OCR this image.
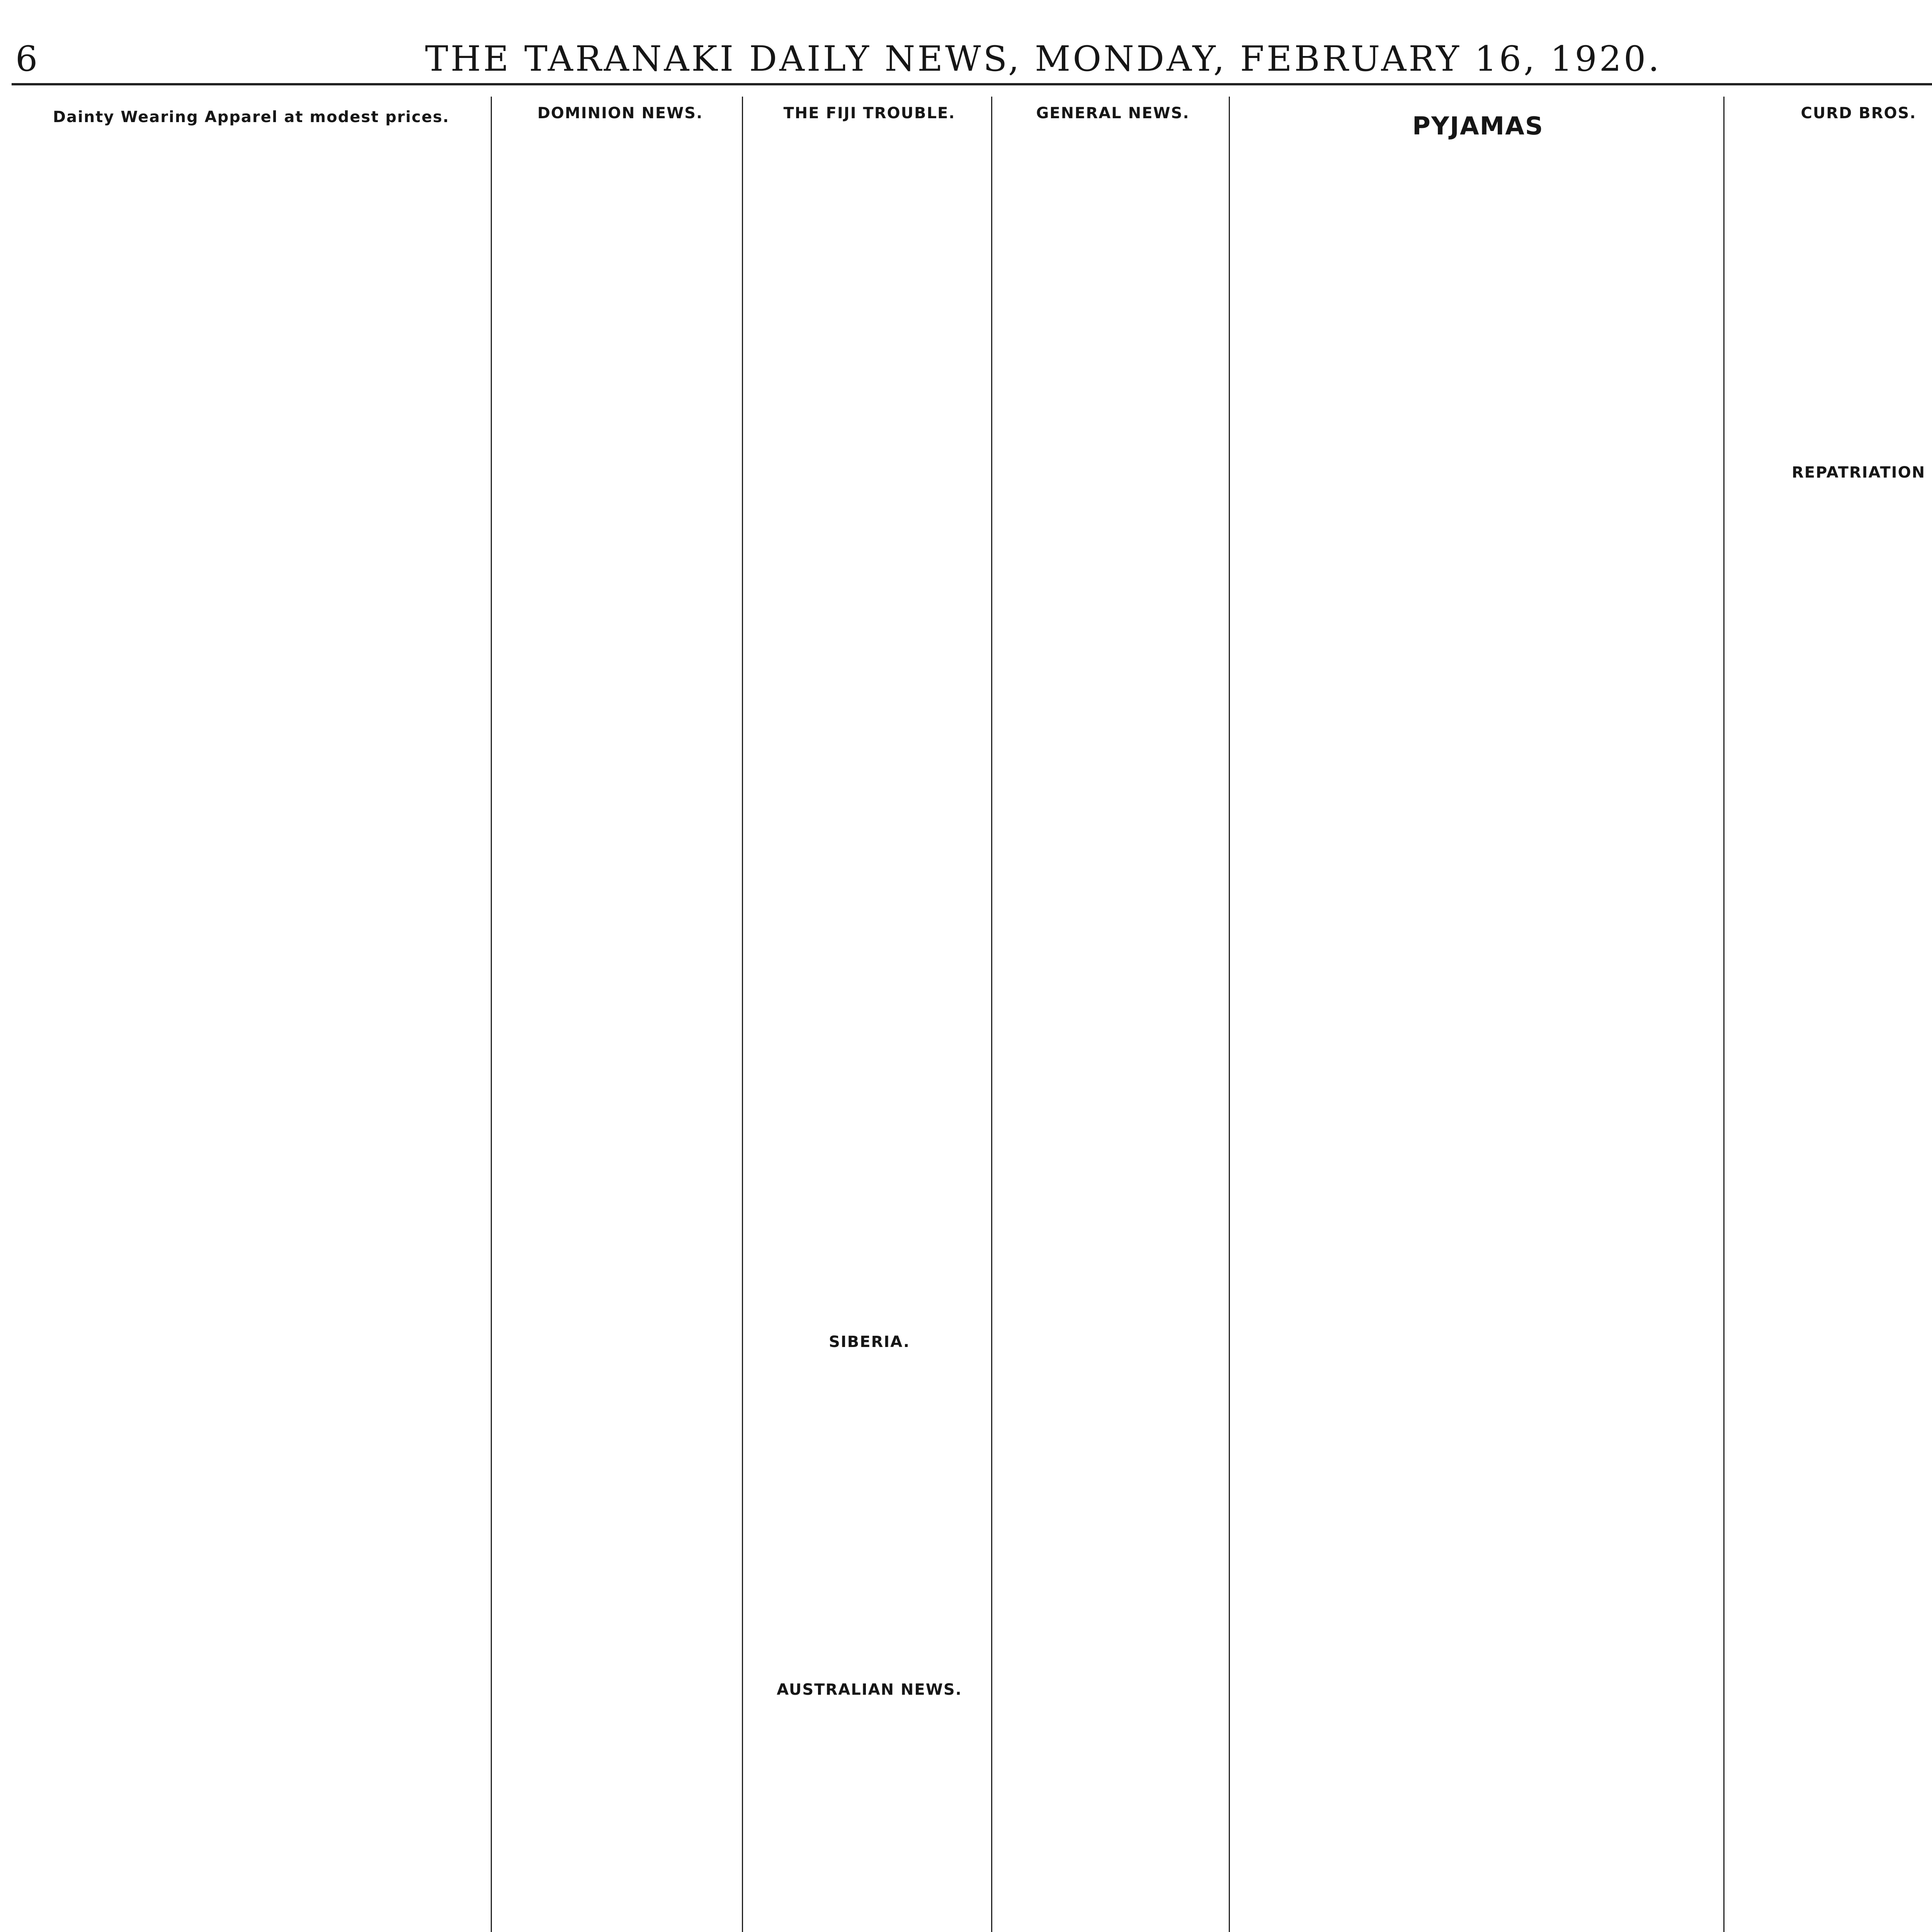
6	THE TARANAKI DAILY NEWS, MONDAY, FEBRUARY 16, 1920.
Dainty Wearing Apparel at modest prices.	DOMINION NEWS.	THE FIJI TROUBLE.
SIBERIA.
AUSTRALIAN NEWS.
GENERAL NEWS.	PYJAMAS	CURD BROS.
REPATRIATION
